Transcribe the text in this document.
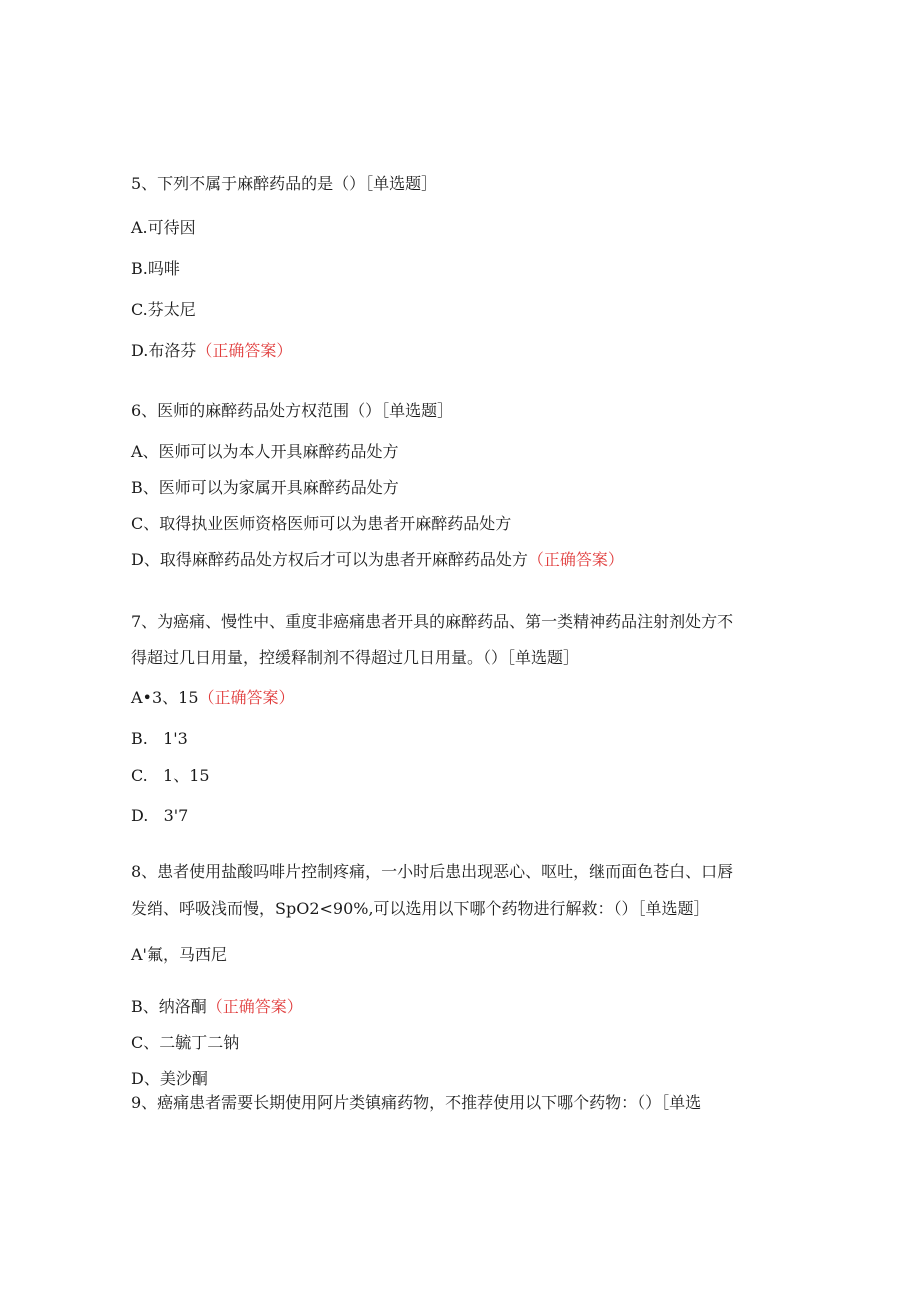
5、下列不属于麻醉药品的是（）［单选题］
A.可待因
B.吗啡
C.芬太尼
D.布洛芬（正确答案）
6、医师的麻醉药品处方权范围（）［单选题］
A、医师可以为本人开具麻醉药品处方
B、医师可以为家属开具麻醉药品处方
C、取得执业医师资格医师可以为患者开麻醉药品处方
D、取得麻醉药品处方权后才可以为患者开麻醉药品处方（正确答案）
7、为癌痛、慢性中、重度非癌痛患者开具的麻醉药品、第一类精神药品注射剂处方不
得超过几日用量，控缓释制剂不得超过几日用量。（）［单选题］
A•3、15（正确答案）
B.   1'3
C.   1、15
D.   3'7
8、患者使用盐酸吗啡片控制疼痛，一小时后患出现恶心、呕吐，继而面色苍白、口唇
发绡、呼吸浅而慢，SpO2<90%,可以选用以下哪个药物进行解救：（）［单选题］
A'氟，马西尼
B、纳洛酮（正确答案）
C、二毓丁二钠
D、美沙酮
9、癌痛患者需要长期使用阿片类镇痛药物，不推荐使用以下哪个药物：（）［单选
